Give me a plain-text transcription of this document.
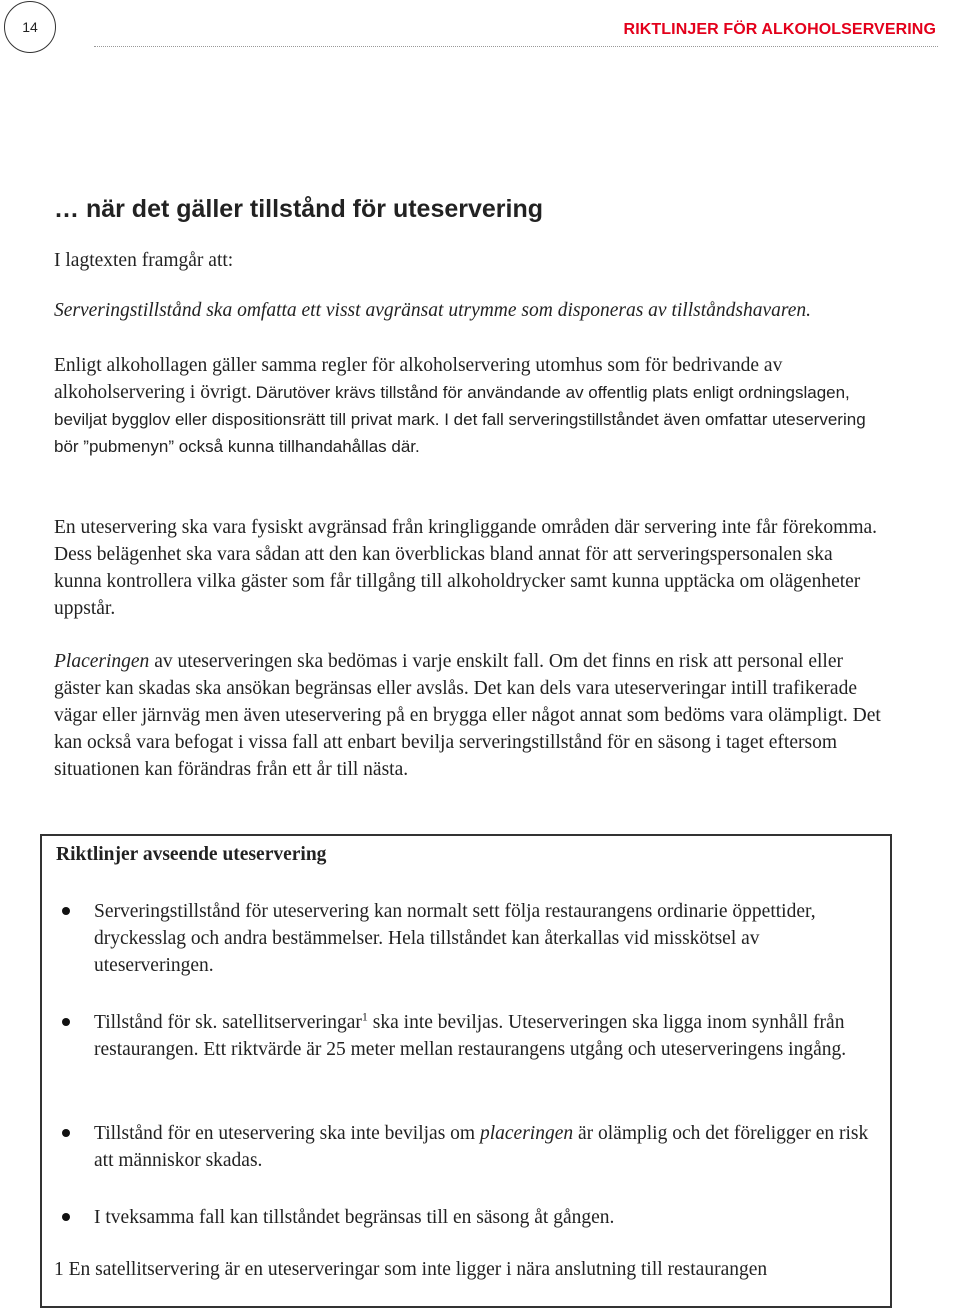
14	RIKTLINJER FÖR ALKOHOLSERVERING
… när det gäller tillstånd för uteservering

I lagtexten framgår att:

Serveringstillstånd ska omfatta ett visst avgränsat utrymme som disponeras av tillståndshavaren.

Enligt alkohollagen gäller samma regler för alkoholservering utomhus som för bedrivande av alkoholservering i övrigt. Därutöver krävs tillstånd för användande av offentlig plats enligt ordningslagen, beviljat bygglov eller dispositionsrätt till privat mark. I det fall serveringstillståndet även omfattar uteservering bör ”pubmenyn” också kunna tillhandahållas där.

En uteservering ska vara fysiskt avgränsad från kringliggande områden där servering inte får förekomma. Dess belägenhet ska vara sådan att den kan överblickas bland annat för att serveringspersonalen ska kunna kontrollera vilka gäster som får tillgång till alkoholdrycker samt kunna upptäcka om olägenheter uppstår.

Placeringen av uteserveringen ska bedömas i varje enskilt fall. Om det finns en risk att personal eller gäster kan skadas ska ansökan begränsas eller avslås. Det kan dels vara uteserveringar intill trafikerade vägar eller järnväg men även uteservering på en brygga eller något annat som bedöms vara olämpligt. Det kan också vara befogat i vissa fall att enbart bevilja serveringstillstånd för en säsong i taget eftersom situationen kan förändras från ett år till nästa.

Riktlinjer avseende uteservering

Serveringstillstånd för uteservering kan normalt sett följa restaurangens ordinarie öppettider, dryckesslag och andra bestämmelser. Hela tillståndet kan återkallas vid misskötsel av uteserveringen.

Tillstånd för sk. satellitserveringar$^1$ ska inte beviljas. Uteserveringen ska ligga inom synhåll från restaurangen. Ett riktvärde är 25 meter mellan restaurangens utgång och uteserveringens ingång.

Tillstånd för en uteservering ska inte beviljas om placeringen är olämplig och det föreligger en risk att människor skadas.

I tveksamma fall kan tillståndet begränsas till en säsong åt gången.

1 En satellitservering är en uteserveringar som inte ligger i nära anslutning till restaurangen
